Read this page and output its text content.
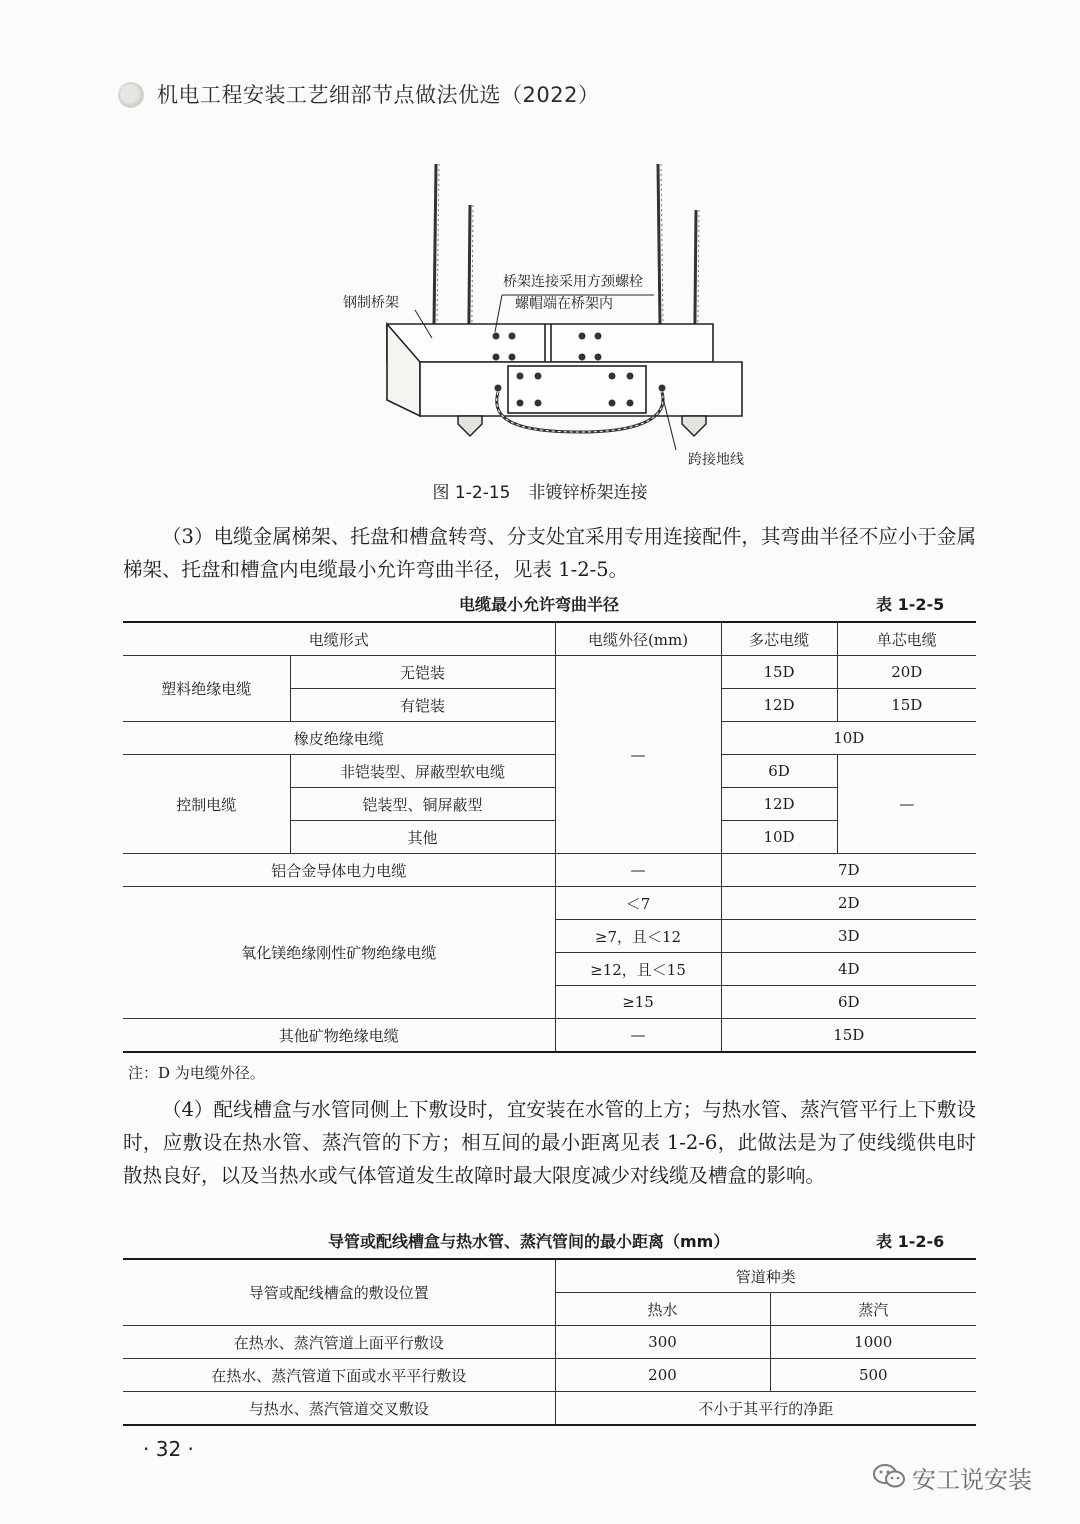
机电工程安装工艺细部节点做法优选（2022）
钢制桥架
桥架连接采用方颈螺栓
螺帽端在桥架内
跨接地线
图 1-2-15 非镀锌桥架连接
（3）电缆金属梯架、托盘和槽盒转弯、分支处宜采用专用连接配件，其弯曲半径不应小于金属梯架、托盘和槽盒内电缆最小允许弯曲半径，见表 1-2-5。
电缆最小允许弯曲半径	表 1-2-5
电缆形式		电缆外径(mm)	多芯电缆	单芯电缆
塑料绝缘电缆	无铠装	—	15D	20D
	有铠装		12D	15D
橡皮绝缘电缆			10D	
控制电缆	非铠装型、屏蔽型软电缆		6D	—
	铠装型、铜屏蔽型		12D	
	其他		10D	
铝合金导体电力电缆		—	7D	
氧化镁绝缘刚性矿物绝缘电缆		＜7	2D	
		≥7，且＜12	3D	
		≥12，且＜15	4D	
		≥15	6D	
其他矿物绝缘电缆		—	15D	
注：D 为电缆外径。
（4）配线槽盒与水管同侧上下敷设时，宜安装在水管的上方；与热水管、蒸汽管平行上下敷设时，应敷设在热水管、蒸汽管的下方；相互间的最小距离见表 1-2-6，此做法是为了使线缆供电时散热良好，以及当热水或气体管道发生故障时最大限度减少对线缆及槽盒的影响。
导管或配线槽盒与热水管、蒸汽管间的最小距离（mm）	表 1-2-6
导管或配线槽盒的敷设位置	管道种类	
	热水	蒸汽
在热水、蒸汽管道上面平行敷设	300	1000
在热水、蒸汽管道下面或水平平行敷设	200	500
与热水、蒸汽管道交叉敷设	不小于其平行的净距	
· 32 ·
安工说安装
